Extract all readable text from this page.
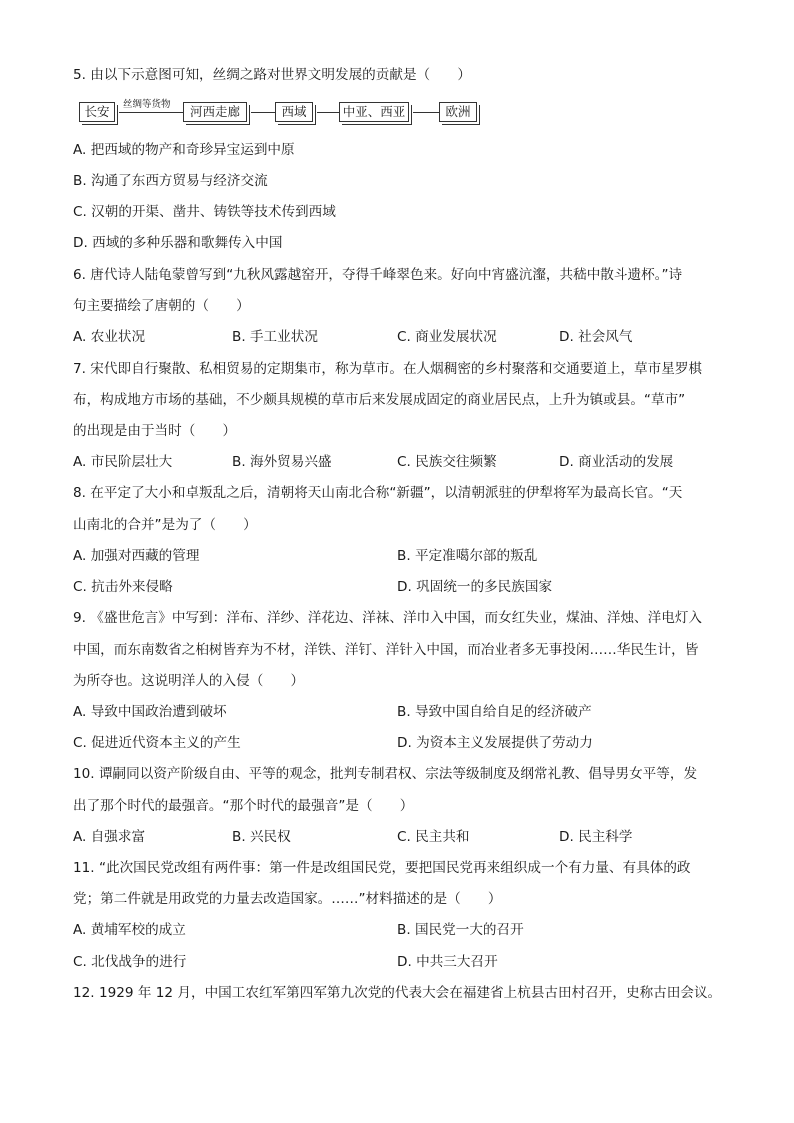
5. 由以下示意图可知，丝绸之路对世界文明发展的贡献是（　　）
长安	丝绸等货物	河西走廊	西域	中亚、西亚	欧洲
A. 把西域的物产和奇珍异宝运到中原
B. 沟通了东西方贸易与经济交流
C. 汉朝的开渠、凿井、铸铁等技术传到西域
D. 西域的多种乐器和歌舞传入中国
6. 唐代诗人陆龟蒙曾写到“九秋风露越窑开，夺得千峰翠色来。好向中宵盛沆瀣，共嵇中散斗遗杯。”诗
句主要描绘了唐朝的（　　）
A. 农业状况	B. 手工业状况	C. 商业发展状况	D. 社会风气
7. 宋代即自行聚散、私相贸易的定期集市，称为草市。在人烟稠密的乡村聚落和交通要道上，草市星罗棋
布，构成地方市场的基础，不少颇具规模的草市后来发展成固定的商业居民点，上升为镇或县。“草市”
的出现是由于当时（　　）
A. 市民阶层壮大	B. 海外贸易兴盛	C. 民族交往频繁	D. 商业活动的发展
8. 在平定了大小和卓叛乱之后，清朝将天山南北合称“新疆”，以清朝派驻的伊犁将军为最高长官。“天
山南北的合并”是为了（　　）
A. 加强对西藏的管理	B. 平定准噶尔部的叛乱
C. 抗击外来侵略	D. 巩固统一的多民族国家
9. 《盛世危言》中写到：洋布、洋纱、洋花边、洋袜、洋巾入中国，而女红失业，煤油、洋烛、洋电灯入
中国，而东南数省之桕树皆弃为不材，洋铁、洋钉、洋针入中国，而冶业者多无事投闲……华民生计，皆
为所夺也。这说明洋人的入侵（　　）
A. 导致中国政治遭到破坏	B. 导致中国自给自足的经济破产
C. 促进近代资本主义的产生	D. 为资本主义发展提供了劳动力
10. 谭嗣同以资产阶级自由、平等的观念，批判专制君权、宗法等级制度及纲常礼教、倡导男女平等，发
出了那个时代的最强音。“那个时代的最强音”是（　　）
A. 自强求富	B. 兴民权	C. 民主共和	D. 民主科学
11. “此次国民党改组有两件事：第一件是改组国民党，要把国民党再来组织成一个有力量、有具体的政
党；第二件就是用政党的力量去改造国家。……”材料描述的是（　　）
A. 黄埔军校的成立	B. 国民党一大的召开
C. 北伐战争的进行	D. 中共三大召开
12. 1929 年 12 月，中国工农红军第四军第九次党的代表大会在福建省上杭县古田村召开，史称古田会议。
